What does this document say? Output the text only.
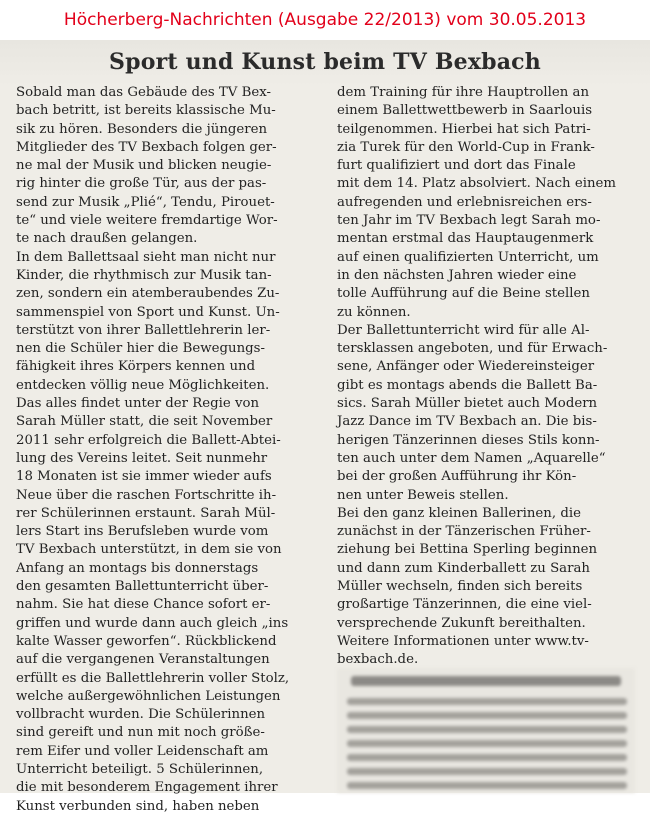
Höcherberg-Nachrichten (Ausgabe 22/2013) vom 30.05.2013
Sport und Kunst beim TV Bexbach
Sobald man das Gebäude des TV Bex-
bach betritt, ist bereits klassische Mu-
sik zu hören. Besonders die jüngeren
Mitglieder des TV Bexbach folgen ger-
ne mal der Musik und blicken neugie-
rig hinter die große Tür, aus der pas-
send zur Musik „Plié“, Tendu, Pirouet-
te“ und viele weitere fremdartige Wor-
te nach draußen gelangen.
In dem Ballettsaal sieht man nicht nur
Kinder, die rhythmisch zur Musik tan-
zen, sondern ein atemberaubendes Zu-
sammenspiel von Sport und Kunst. Un-
terstützt von ihrer Ballettlehrerin ler-
nen die Schüler hier die Bewegungs-
fähigkeit ihres Körpers kennen und
entdecken völlig neue Möglichkeiten.
Das alles findet unter der Regie von
Sarah Müller statt, die seit November
2011 sehr erfolgreich die Ballett-Abtei-
lung des Vereins leitet. Seit nunmehr
18 Monaten ist sie immer wieder aufs
Neue über die raschen Fortschritte ih-
rer Schülerinnen erstaunt. Sarah Mül-
lers Start ins Berufsleben wurde vom
TV Bexbach unterstützt, in dem sie von
Anfang an montags bis donnerstags
den gesamten Ballettunterricht über-
nahm. Sie hat diese Chance sofort er-
griffen und wurde dann auch gleich „ins
kalte Wasser geworfen“. Rückblickend
auf die vergangenen Veranstaltungen
erfüllt es die Ballettlehrerin voller Stolz,
welche außergewöhnlichen Leistungen
vollbracht wurden. Die Schülerinnen
sind gereift und nun mit noch größe-
rem Eifer und voller Leidenschaft am
Unterricht beteiligt. 5 Schülerinnen,
die mit besonderem Engagement ihrer
Kunst verbunden sind, haben neben
dem Training für ihre Hauptrollen an
einem Ballettwettbewerb in Saarlouis
teilgenommen. Hierbei hat sich Patri-
zia Turek für den World-Cup in Frank-
furt qualifiziert und dort das Finale
mit dem 14. Platz absolviert. Nach einem
aufregenden und erlebnisreichen ers-
ten Jahr im TV Bexbach legt Sarah mo-
mentan erstmal das Hauptaugenmerk
auf einen qualifizierten Unterricht, um
in den nächsten Jahren wieder eine
tolle Aufführung auf die Beine stellen
zu können.
Der Ballettunterricht wird für alle Al-
tersklassen angeboten, und für Erwach-
sene, Anfänger oder Wiedereinsteiger
gibt es montags abends die Ballett Ba-
sics. Sarah Müller bietet auch Modern
Jazz Dance im TV Bexbach an. Die bis-
herigen Tänzerinnen dieses Stils konn-
ten auch unter dem Namen „Aquarelle“
bei der großen Aufführung ihr Kön-
nen unter Beweis stellen.
Bei den ganz kleinen Ballerinen, die
zunächst in der Tänzerischen Früher-
ziehung bei Bettina Sperling beginnen
und dann zum Kinderballett zu Sarah
Müller wechseln, finden sich bereits
großartige Tänzerinnen, die eine viel-
versprechende Zukunft bereithalten.
Weitere Informationen unter www.tv-
bexbach.de.
